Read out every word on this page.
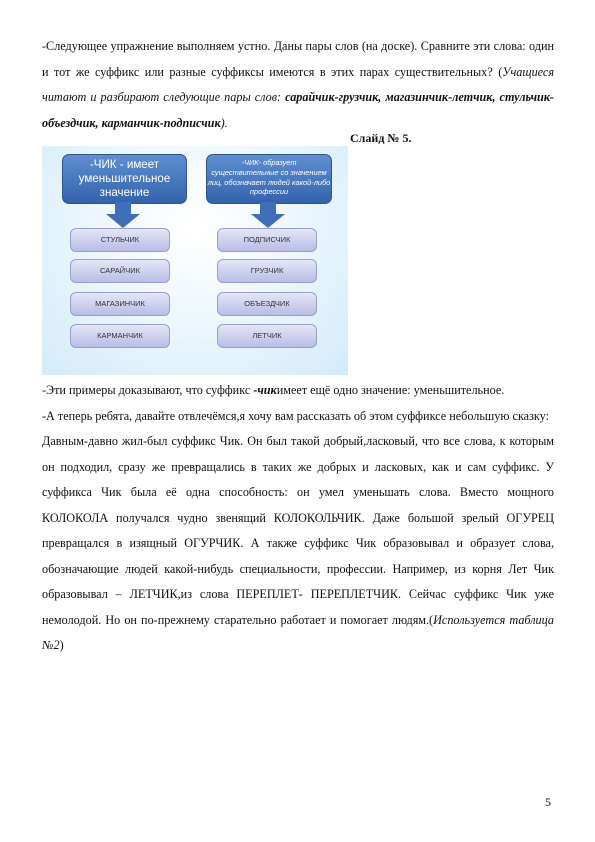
-Следующее упражнение выполняем устно. Даны пары слов (на доске). Сравните эти слова: один и тот же суффикс или разные суффиксы имеются в этих парах существительных? (Учащиеся читают и разбирают следующие пары слов: сарайчик-грузчик, магазинчик-летчик, стульчик-объездчик, карманчик-подписчик).

Слайд № 5.
-ЧИК - имеет уменьшительное значение
-ЧИК- образует существительные со значением лиц, обозначает людей какой-либо профессии
СТУЛЬЧИК
САРАЙЧИК
МАГАЗИНЧИК
КАРМАНЧИК
ПОДПИСЧИК
ГРУЗЧИК
ОБЪЕЗДЧИК
ЛЕТЧИК

-Эти примеры доказывают, что суффикс -чикимеет ещё одно значение: уменьшительное.

-А теперь ребята, давайте отвлечёмся,я хочу вам рассказать об этом суффиксе небольшую сказку:

Давным-давно жил-был суффикс Чик. Он был такой добрый,ласковый, что все слова, к которым он подходил, сразу же превращались в таких же добрых и ласковых, как и сам суффикс. У суффикса Чик была её одна способность: он умел уменьшать слова. Вместо мощного КОЛОКОЛА получался чудно звенящий КОЛОКОЛЬЧИК. Даже большой зрелый ОГУРЕЦ превращался в изящный ОГУРЧИК. А также суффикс Чик образовывал и образует слова, обозначающие людей какой-нибудь специальности, профессии. Например, из корня Лет Чик образовывал – ЛЕТЧИК,из слова ПЕРЕПЛЕТ- ПЕРЕПЛЕТЧИК. Сейчас суффикс Чик уже немолодой. Но он по-прежнему старательно работает и помогает людям.(Используется таблица №2)

5
